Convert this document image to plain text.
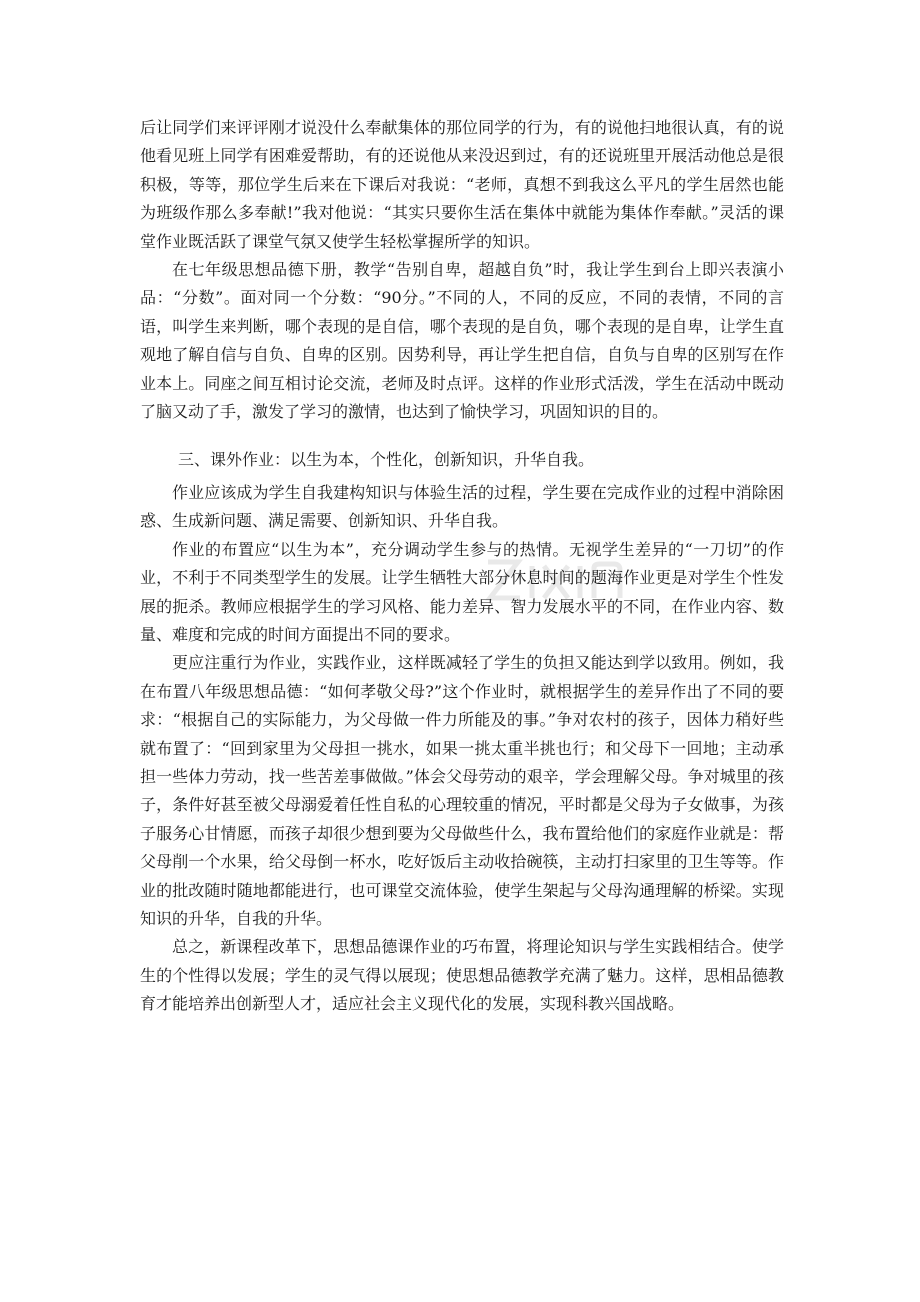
后让同学们来评评刚才说没什么奉献集体的那位同学的行为，有的说他扫地很认真，有的说他看见班上同学有困难爱帮助，有的还说他从来没迟到过，有的还说班里开展活动他总是很积极，等等，那位学生后来在下课后对我说：“老师，真想不到我这么平凡的学生居然也能为班级作那么多奉献!”我对他说：“其实只要你生活在集体中就能为集体作奉献。”灵活的课堂作业既活跃了课堂气氛又使学生轻松掌握所学的知识。

在七年级思想品德下册，教学“告别自卑，超越自负”时，我让学生到台上即兴表演小品：“分数”。面对同一个分数：“90分。”不同的人，不同的反应，不同的表情，不同的言语，叫学生来判断，哪个表现的是自信，哪个表现的是自负，哪个表现的是自卑，让学生直观地了解自信与自负、自卑的区别。因势利导，再让学生把自信，自负与自卑的区别写在作业本上。同座之间互相讨论交流，老师及时点评。这样的作业形式活泼，学生在活动中既动了脑又动了手，激发了学习的激情，也达到了愉快学习，巩固知识的目的。

三、课外作业：以生为本，个性化，创新知识，升华自我。

作业应该成为学生自我建构知识与体验生活的过程，学生要在完成作业的过程中消除困惑、生成新问题、满足需要、创新知识、升华自我。

作业的布置应“以生为本”，充分调动学生参与的热情。无视学生差异的“一刀切”的作业，不利于不同类型学生的发展。让学生牺牲大部分休息时间的题海作业更是对学生个性发展的扼杀。教师应根据学生的学习风格、能力差异、智力发展水平的不同，在作业内容、数量、难度和完成的时间方面提出不同的要求。

更应注重行为作业，实践作业，这样既减轻了学生的负担又能达到学以致用。例如，我在布置八年级思想品德：“如何孝敬父母?”这个作业时，就根据学生的差异作出了不同的要求：“根据自己的实际能力，为父母做一件力所能及的事。”争对农村的孩子，因体力稍好些就布置了：“回到家里为父母担一挑水，如果一挑太重半挑也行；和父母下一回地；主动承担一些体力劳动，找一些苦差事做做。”体会父母劳动的艰辛，学会理解父母。争对城里的孩子，条件好甚至被父母溺爱着任性自私的心理较重的情况，平时都是父母为子女做事，为孩子服务心甘情愿，而孩子却很少想到要为父母做些什么，我布置给他们的家庭作业就是：帮父母削一个水果，给父母倒一杯水，吃好饭后主动收拾碗筷，主动打扫家里的卫生等等。作业的批改随时随地都能进行，也可课堂交流体验，使学生架起与父母沟通理解的桥梁。实现知识的升华，自我的升华。

总之，新课程改革下，思想品德课作业的巧布置，将理论知识与学生实践相结合。使学生的个性得以发展；学生的灵气得以展现；使思想品德教学充满了魅力。这样，思相品德教育才能培养出创新型人才，适应社会主义现代化的发展，实现科教兴国战略。
